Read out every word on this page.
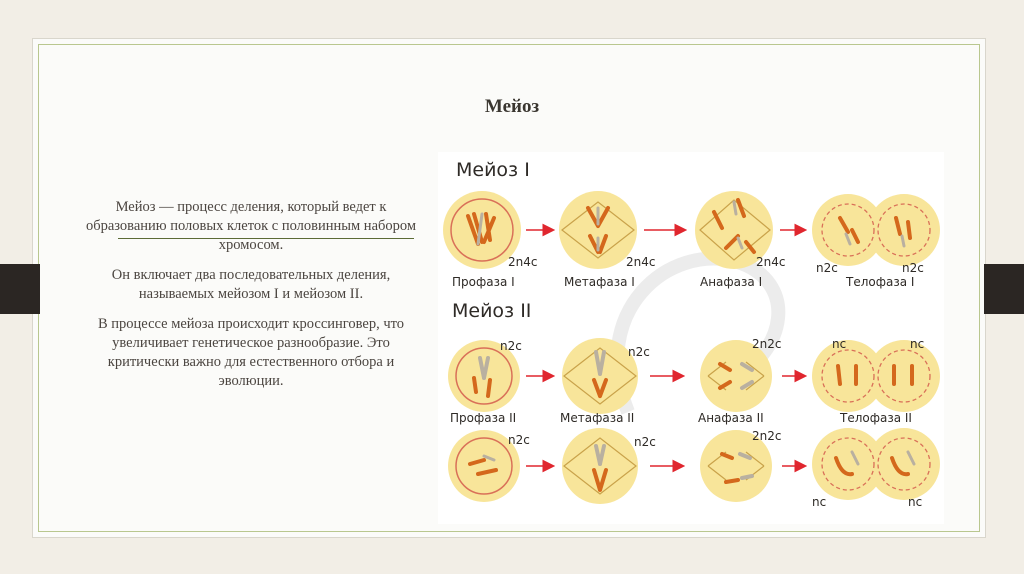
Мейоз

Мейоз — процесс деления, который ведет к образованию половых клеток с половинным набором хромосом.

Он включает два последовательных деления, называемых мейозом I и мейозом II.

В процессе мейоза происходит кроссинговер, что увеличивает генетическое разнообразие. Это критически важно для естественного отбора и эволюции.

Мейоз I
Мейоз II
2n4c	2n4c	2n4c	n2c	n2c
Профаза I	Метафаза I	Анафаза I	Телофаза I
n2c	n2c
2n2c	nc	nc
Профаза II	Метафаза II	Анафаза II	Телофаза II
n2c	n2c	2n2c
nc	nc
